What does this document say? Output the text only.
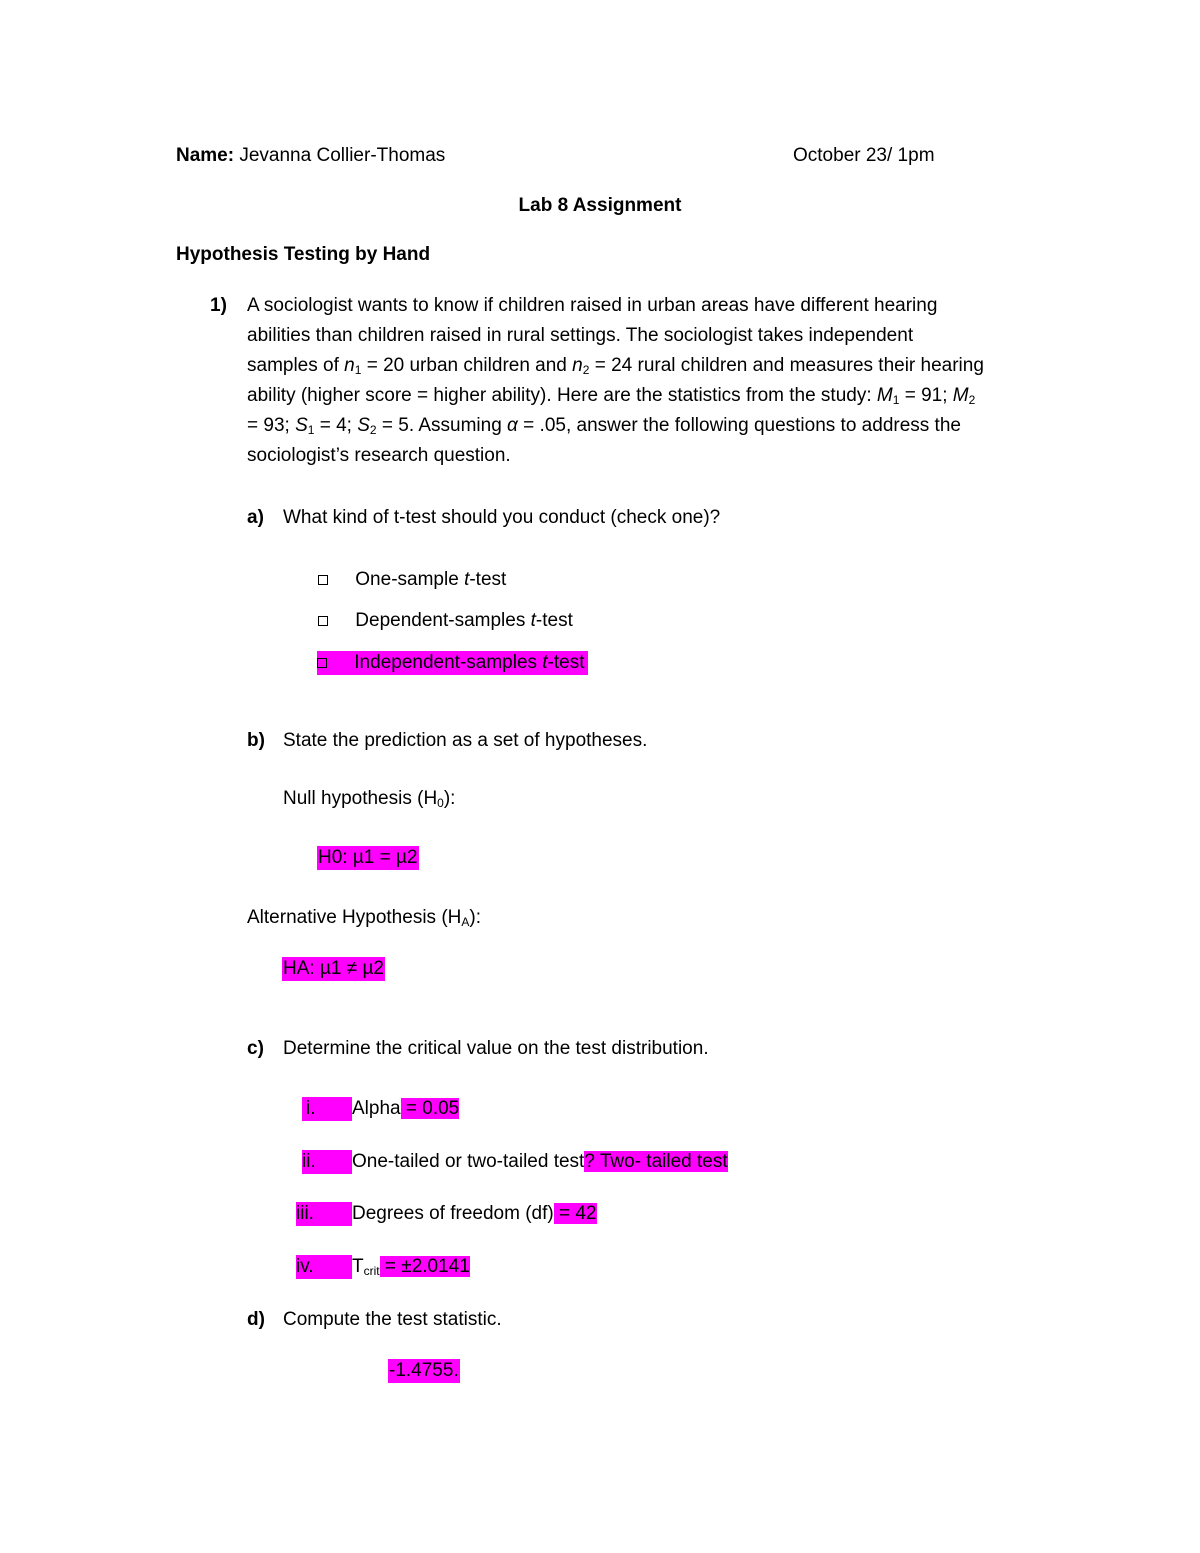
Name: Jevanna Collier-Thomas	October 23/ 1pm
Lab 8 Assignment
Hypothesis Testing by Hand
1) A sociologist wants to know if children raised in urban areas have different hearing
abilities than children raised in rural settings. The sociologist takes independent
samples of $n_1 = 20$ urban children and $n_2 = 24$ rural children and measures their hearing
ability (higher score = higher ability). Here are the statistics from the study: $M_1 = 91$; $M_2$
= 93; $S_1 = 4$; $S_2 = 5$. Assuming α = .05, answer the following questions to address the
sociologist’s research question.
a) What kind of t-test should you conduct (check one)?
One-sample t-test
Dependent-samples t-test
Independent-samples t-test
b) State the prediction as a set of hypotheses.
Null hypothesis $(H_0)$:
H0: µ1 = µ2
Alternative Hypothesis $(H_A)$:
HA: µ1 ≠ µ2
c) Determine the critical value on the test distribution.
i. Alpha = 0.05
ii. One-tailed or two-tailed test? Two- tailed test
iii. Degrees of freedom (df) = 42
iv. $T_{crit} = \pm 2.0141$
d) Compute the test statistic.
-1.4755.
